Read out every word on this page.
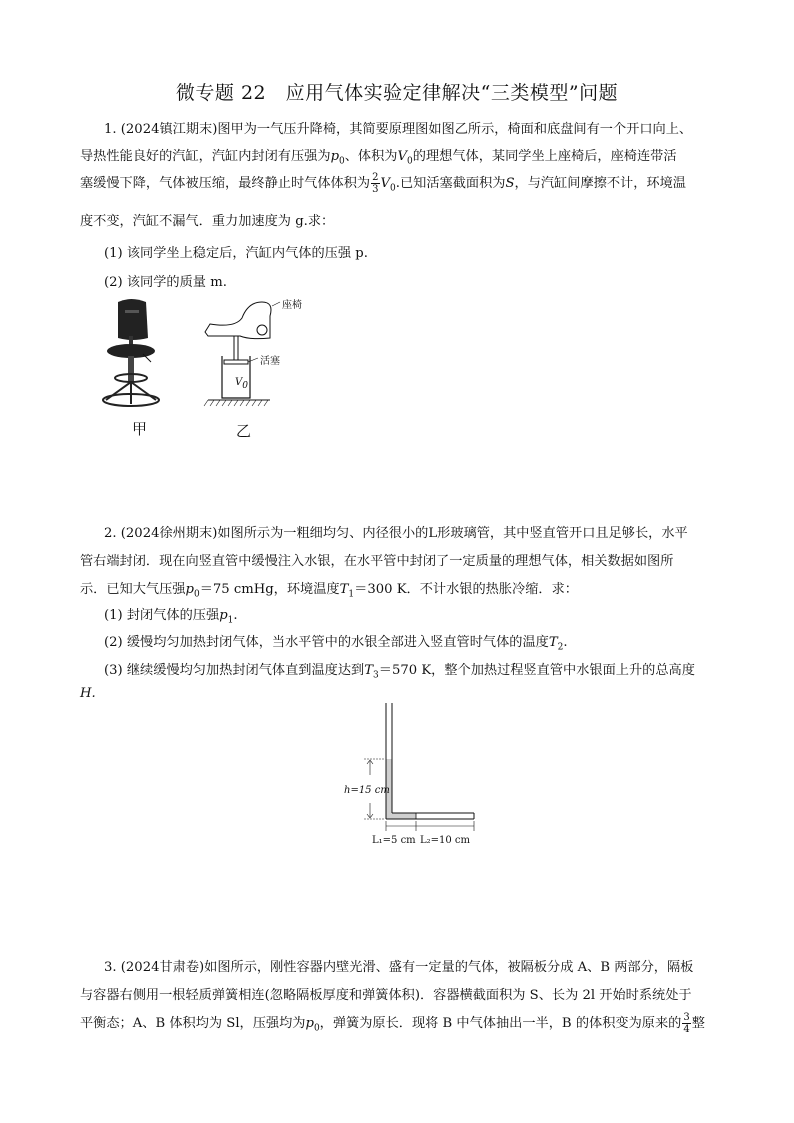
微专题 22　应用气体实验定律解决“三类模型”问题
1. (2024镇江期末)图甲为一气压升降椅，其简要原理图如图乙所示，椅面和底盘间有一个开口向上、
导热性能良好的汽缸，汽缸内封闭有压强为$p_0$、体积为$V_0$的理想气体，某同学坐上座椅后，座椅连带活
塞缓慢下降，气体被压缩，最终静止时气体体积为 $\frac{2}{3} V_0$.已知活塞截面积为S，与汽缸间摩擦不计，环境温
度不变，汽缸不漏气．重力加速度为 g.求：
(1) 该同学坐上稳定后，汽缸内气体的压强 p.
(2) 该同学的质量 m.
甲
座椅
活塞
$V_0$
乙
2. (2024徐州期末)如图所示为一粗细均匀、内径很小的L形玻璃管，其中竖直管开口且足够长，水平
管右端封闭．现在向竖直管中缓慢注入水银，在水平管中封闭了一定质量的理想气体，相关数据如图所
示．已知大气压强$p_0=75$ cmHg，环境温度$T_1=300$ K．不计水银的热胀冷缩．求：
(1) 封闭气体的压强$p_1$.
(2) 缓慢均匀加热封闭气体，当水平管中的水银全部进入竖直管时气体的温度$T_2$.
(3) 继续缓慢均匀加热封闭气体直到温度达到$T_3=570$ K，整个加热过程竖直管中水银面上升的总高度
H.
h=15 cm
L₁=5 cm L₂=10 cm
3. (2024甘肃卷)如图所示，刚性容器内壁光滑、盛有一定量的气体，被隔板分成 A、B 两部分，隔板
与容器右侧用一根轻质弹簧相连(忽略隔板厚度和弹簧体积)．容器横截面积为 S、长为 2l 开始时系统处于
平衡态；A、B 体积均为 Sl，压强均为$p_0$，弹簧为原长．现将 B 中气体抽出一半，B 的体积变为原来的 $\frac{3}{4}$ 整
